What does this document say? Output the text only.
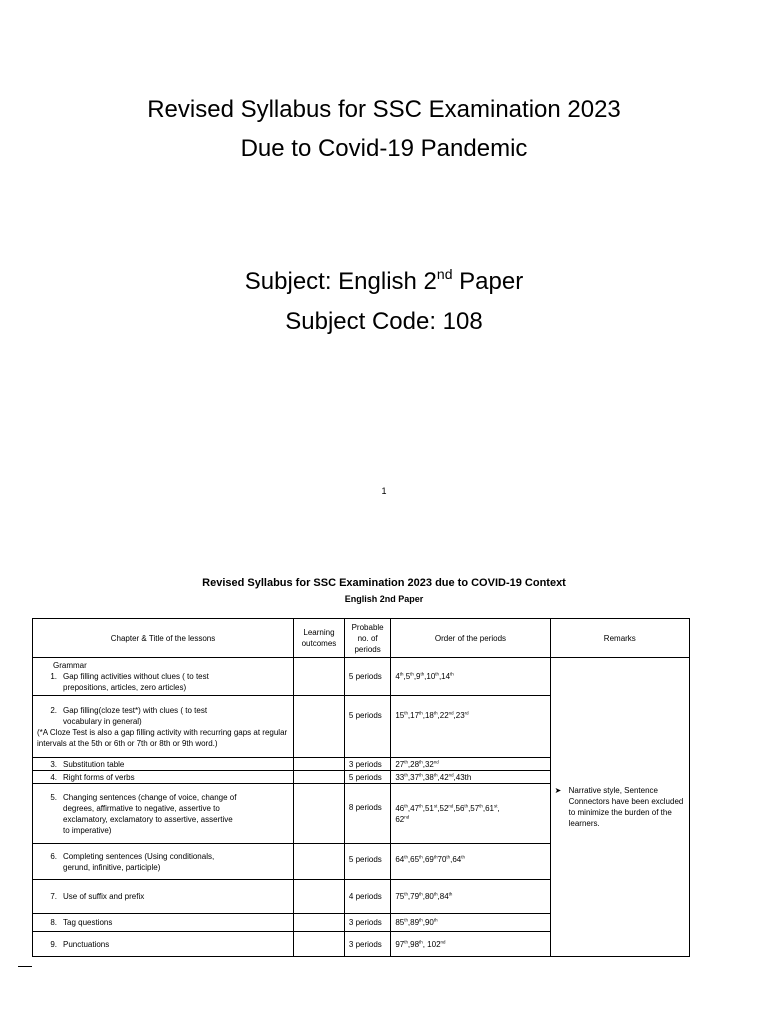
Revised Syllabus for SSC Examination 2023
Due to Covid-19 Pandemic
Subject: English 2nd Paper
Subject Code: 108
1
Revised Syllabus for SSC Examination 2023 due to COVID-19 Context
English 2nd Paper
Chapter & Title of the lessons	Learning outcomes	Probable no. of periods	Order of the periods	Remarks

Grammar
1. Gap filling activities without clues ( to test
prepositions, articles, zero articles)		5 periods	4th,5th,9th,10th,14th	➤ Narrative style, Sentence Connectors have been excluded to minimize the burden of the learners.

2. Gap filling(cloze test*) with clues ( to test
vocabulary in general)
(*A Cloze Test is also a gap filling activity with recurring gaps at regular intervals at the 5th or 6th or 7th or 8th or 9th word.)		5 periods	15th,17th,18th,22nd,23rd
3. Substitution table		3 periods	27th,28th,32nd
4. Right forms of verbs		5 periods	33th,37th,38th,42nd,43th	
5. Changing sentences (change of voice, change of
degrees, affirmative to negative, assertive to
exclamatory, exclamatory to assertive, assertive
to imperative)		8 periods	46th,47th,51st,52nd,56th,57th,61st,
62nd
6. Completing sentences (Using conditionals,
gerund, infinitive, participle)		5 periods	64th,65th,69th70th,64th
7. Use of suffix and prefix		4 periods	75th,79th,80th,84th
8. Tag questions		3 periods	85th,89th,90th
9. Punctuations		3 periods	97th,98th, 102nd
